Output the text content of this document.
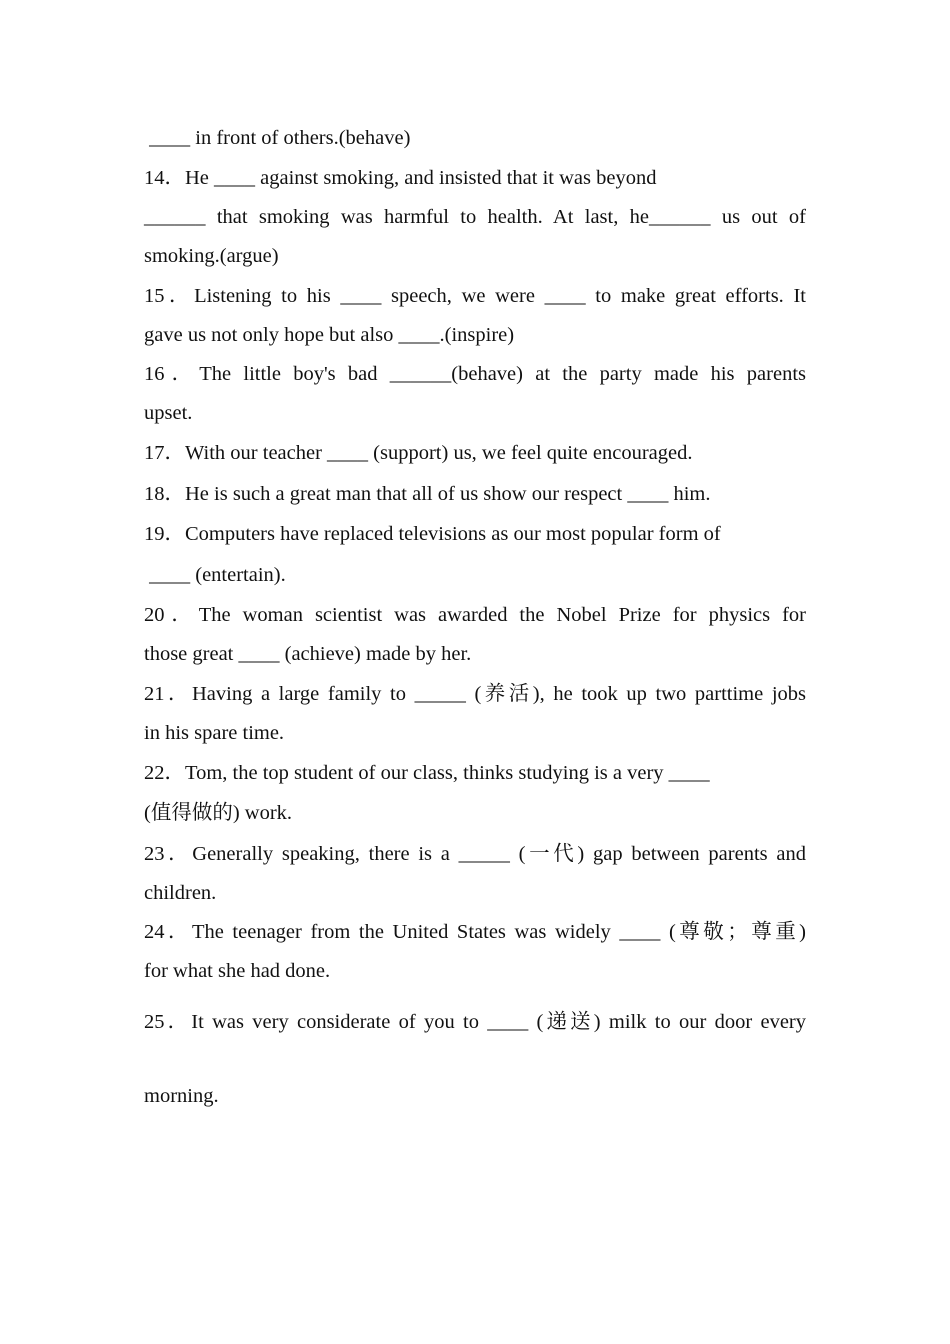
____ in front of others.(behave)
14．He ____ against smoking, and insisted that it was beyond
______ that smoking was harmful to health. At last, he______ us out of
smoking.(argue)
15．Listening to his ____ speech, we were ____ to make great efforts. It
gave us not only hope but also ____.(inspire)
16．The little boy's bad ______(behave) at the party made his parents
upset.
17．With our teacher ____ (support) us, we feel quite encouraged.
18．He is such a great man that all of us show our respect ____ him.
19．Computers have replaced televisions as our most popular form of
____ (entertain).
20．The woman scientist was awarded the Nobel Prize for physics for
those great ____ (achieve) made by her.
21．Having a large family to _____ (养活), he took up two parttime jobs
in his spare time.
22．Tom, the top student of our class, thinks studying is a very ____
(值得做的) work.
23．Generally speaking, there is a _____ (一代) gap between parents and
children.
24．The teenager from the United States was widely ____ (尊敬；尊重)
for what she had done.
25．It was very considerate of you to ____ (递送) milk to our door every
morning.
